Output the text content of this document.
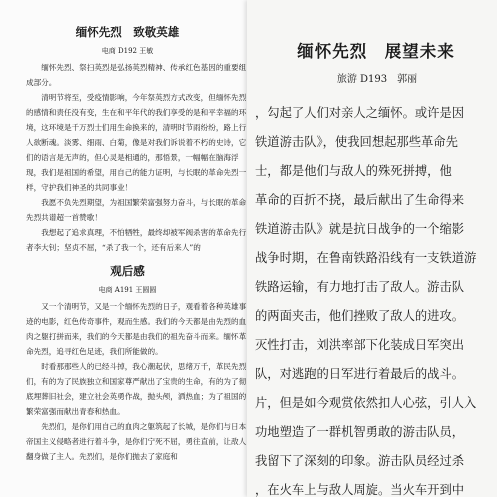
缅怀先烈　致敬英雄
电商 D192 王敏

缅怀先烈、祭扫英烈是弘扬英烈精神、传承红色基因的重要组成部分。

清明节将至，受疫情影响，今年祭英烈方式改变，但缅怀先烈的感情和责任没有变，生在和平年代的我们享受的是和平幸福的环境，这环境是千万烈士们用生命换来的，清明时节雨纷纷，路上行人欲断魂。淡雾、细雨、白菊，像是对我们诉说着不朽的史诗，它们的语言是无声的，但心灵是相通的，那悟景，一幅幅在脑海浮现，我们是祖国的希望，用自己的能力证明，与长眠的革命先烈一样，守护我们神圣的共同事业！

我愿不负先烈期望，为祖国繁荣富强努力奋斗，与长眠的革命先烈共谱超一首赞歌！

我想起了追求真理，不怕牺牲，最终却被军阀杀害的革命先行者李大钊；坚贞不屈，“杀了我一个，还有后来人”的

观后感
电商 A191 王圆圆

又一个清明节，又是一个缅怀先烈的日子，观看着各种英雄事迹的电影，红色传奇事件，观而生感。我们的今天都是由先烈的血肉之躯打拼而来，我们的今天都是由我们的祖先奋斗而来。缅怀革命先烈，追寻红色足迹，我们所能做的。

时看那那些人的已经斗掉，我心潮起伏，思绪万千，革民先烈们，有的为了民族独立和国家尊严献出了宝贵的生命，有的为了彻底埋葬旧社会，建立社会英勇作战，抛头颅，洒热血；为了祖国的繁荣富强而献出青春和热血。

先烈们，是你们用自己的血肉之躯筑起了长城，是你们与日本帝国主义侵略者进行着斗争，是你们宁死不屈，勇往直前，让敌人翻身做了主人。先烈们，是你们抛去了家庭和

缅怀先烈　展望未来
旅游 D193　郭丽
，勾起了人们对亲人之缅怀。或许是因
铁道游击队》，使我回想起那些革命先
士，都是他们与敌人的殊死拼搏，他
革命的百折不挠，最后献出了生命得来
铁道游击队》就是抗日战争的一个缩影
战争时期，在鲁南铁路沿线有一支铁道游
铁路运输，有力地打击了敌人。游击队
的两面夹击，他们挫败了敌人的进攻。
灭性打击，刘洪率部下化装成日军突出
队，对逃跑的日军进行着最后的战斗。
片，但是如今观赏依然扣人心弦，引人入
功地塑造了一群机智勇敢的游击队员，
我留下了深刻的印象。游击队员经过杀
，在火车上与敌人周旋。当火车开到中
